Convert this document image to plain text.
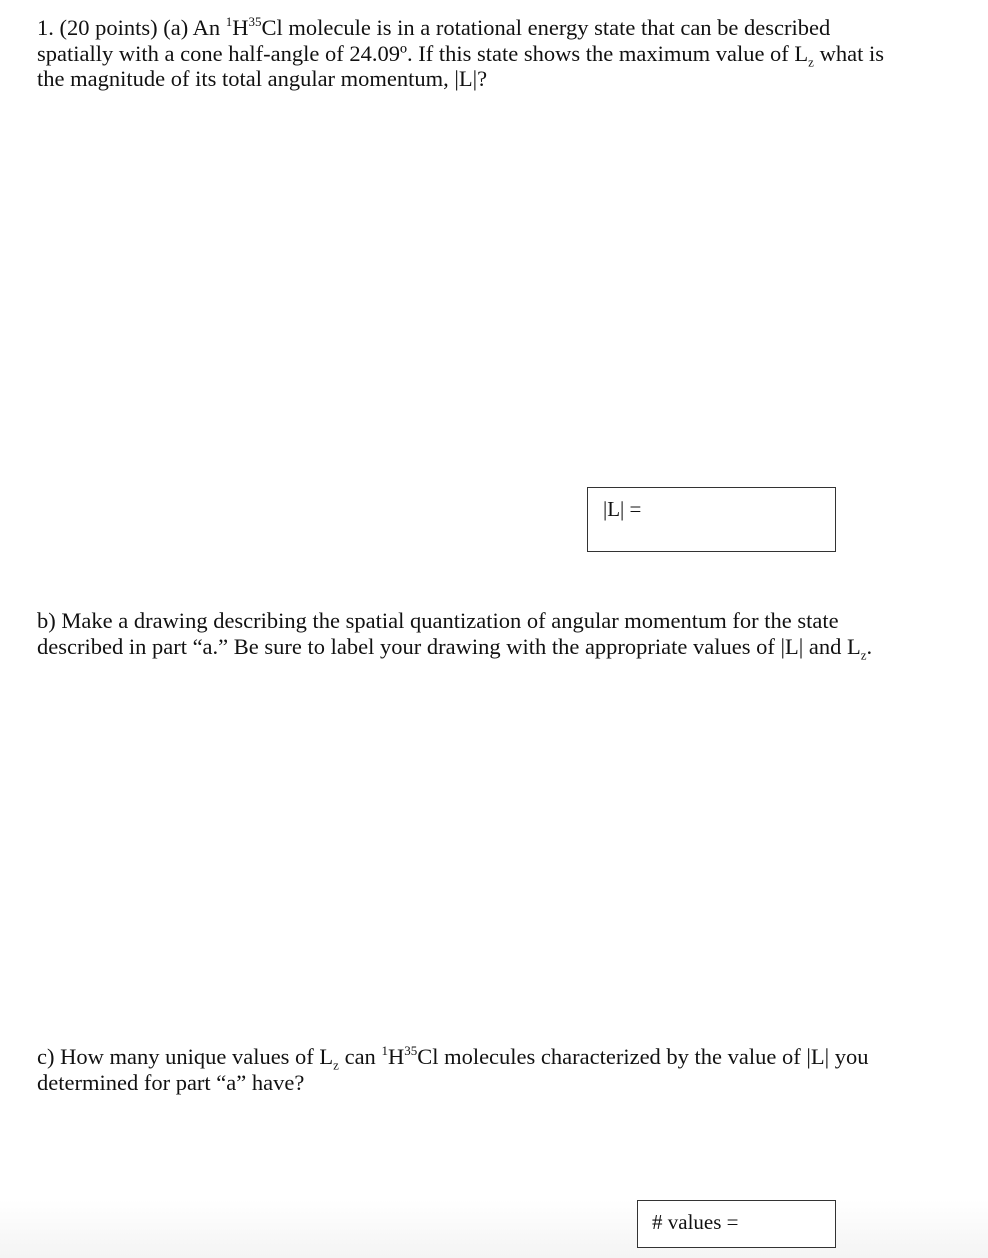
1. (20 points) (a) An $^1H^{35}Cl$ molecule is in a rotational energy state that can be described
spatially with a cone half-angle of 24.09º. If this state shows the maximum value of $L_z$ what is
the magnitude of its total angular momentum, |L|?
|L| =
b) Make a drawing describing the spatial quantization of angular momentum for the state
described in part “a.” Be sure to label your drawing with the appropriate values of |L| and $L_z$.
c) How many unique values of $L_z$ can $^1H^{35}Cl$ molecules characterized by the value of |L| you
determined for part “a” have?
# values =
